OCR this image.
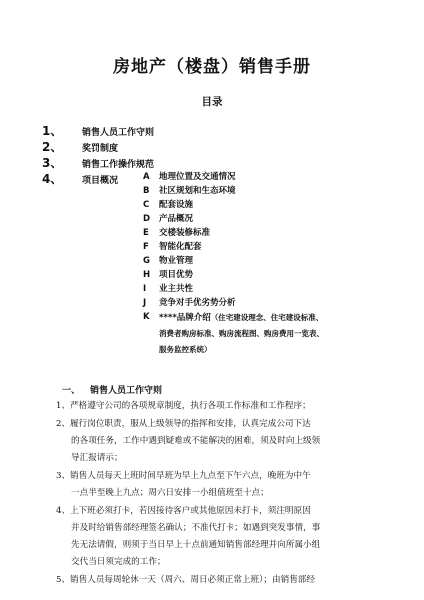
房地产（楼盘）销售手册
目录
1、 销售人员工作守则
2、 奖罚制度
3、 销售工作操作规范
4、 项目概况	A 地理位置及交通情况
B 社区规划和生态环境
C 配套设施
D 产品概况
E 交楼装修标准
F 智能化配套
G 物业管理
H 项目优势
I 业主共性
J 竞争对手优劣势分析
K ****品牌介绍（住宅建设理念、住宅建设标准、
消费者购房标准、购房流程图、购房费用一览表、
服务监控系统）
一、 销售人员工作守则
1、严格遵守公司的各项规章制度，执行各项工作标准和工作程序；
2、履行岗位职责，服从上级领导的指挥和安排，认真完成公司下达
的各项任务，工作中遇到疑难或不能解决的困难，须及时向上级领
导汇报请示；
3、销售人员每天上班时间早班为早上九点至下午六点，晚班为中午
一点半至晚上九点；周六日安排一小组值班至十点；
4、上下班必须打卡，若因接待客户或其他原因未打卡，须注明原因
并及时给销售部经理签名确认；不准代打卡；如遇到突发事情，事
先无法请假，则须于当日早上十点前通知销售部经理并向所属小组
交代当日须完成的工作；
5、销售人员每周轮休一天（周六、周日必须正常上班）；由销售部经
